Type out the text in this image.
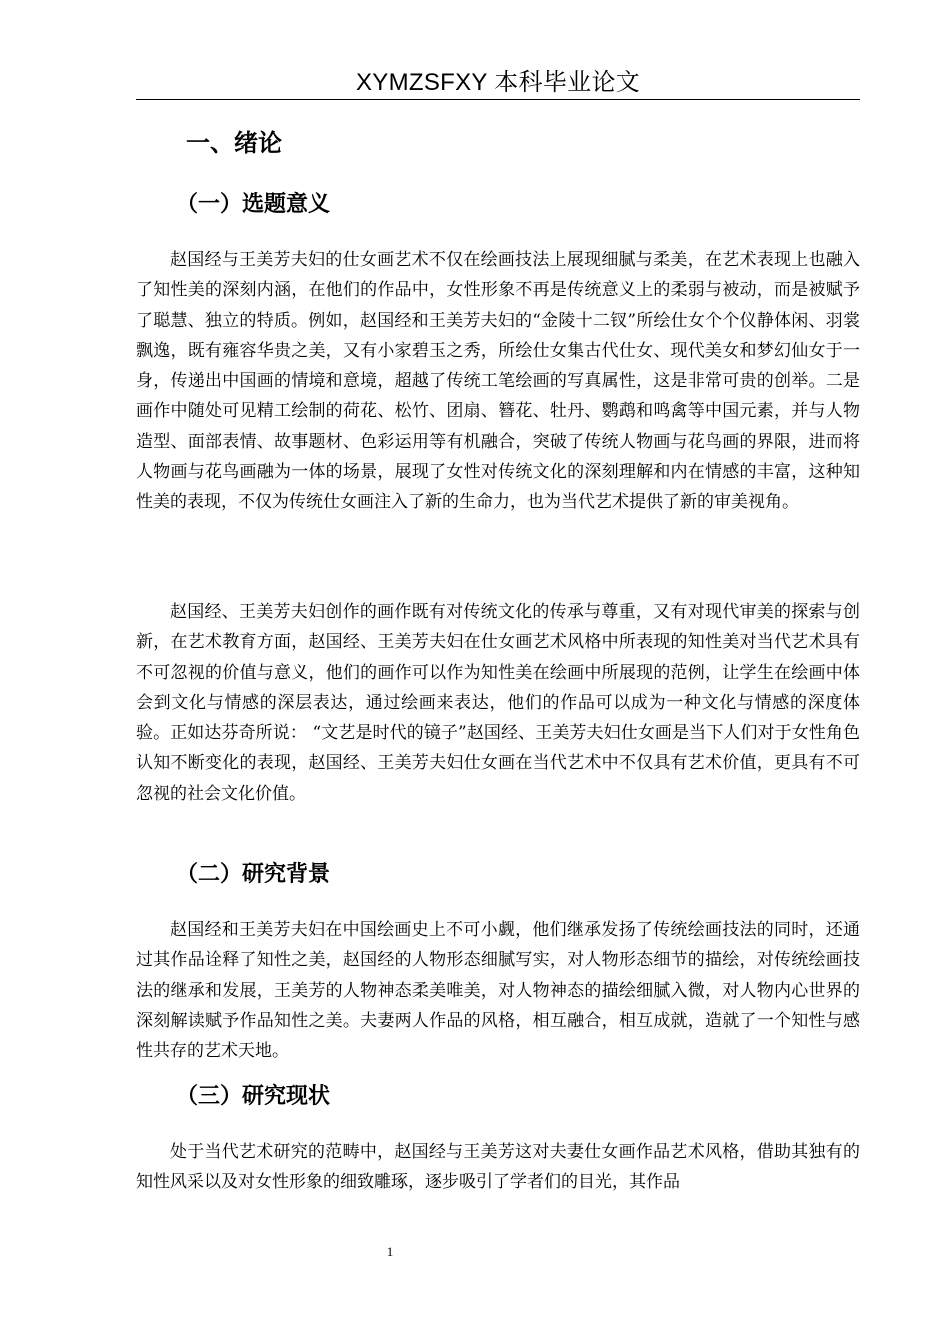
XYMZSFXY 本科毕业论文
一、绪论
（一）选题意义

赵国经与王美芳夫妇的仕女画艺术不仅在绘画技法上展现细腻与柔美，在艺术表现上也融入了知性美的深刻内涵，在他们的作品中，女性形象不再是传统意义上的柔弱与被动，而是被赋予了聪慧、独立的特质。例如，赵国经和王美芳夫妇的“金陵十二钗”所绘仕女个个仪静体闲、羽裳飘逸，既有雍容华贵之美，又有小家碧玉之秀，所绘仕女集古代仕女、现代美女和梦幻仙女于一身，传递出中国画的情境和意境，超越了传统工笔绘画的写真属性，这是非常可贵的创举。二是画作中随处可见精工绘制的荷花、松竹、团扇、簪花、牡丹、鹦鹉和鸣禽等中国元素，并与人物造型、面部表情、故事题材、色彩运用等有机融合，突破了传统人物画与花鸟画的界限，进而将人物画与花鸟画融为一体的场景，展现了女性对传统文化的深刻理解和内在情感的丰富，这种知性美的表现，不仅为传统仕女画注入了新的生命力，也为当代艺术提供了新的审美视角。

赵国经、王美芳夫妇创作的画作既有对传统文化的传承与尊重，又有对现代审美的探索与创新，在艺术教育方面，赵国经、王美芳夫妇在仕女画艺术风格中所表现的知性美对当代艺术具有不可忽视的价值与意义，他们的画作可以作为知性美在绘画中所展现的范例，让学生在绘画中体会到文化与情感的深层表达，通过绘画来表达，他们的作品可以成为一种文化与情感的深度体验。正如达芬奇所说： “文艺是时代的镜子”赵国经、王美芳夫妇仕女画是当下人们对于女性角色认知不断变化的表现，赵国经、王美芳夫妇仕女画在当代艺术中不仅具有艺术价值，更具有不可忽视的社会文化价值。

（二）研究背景

赵国经和王美芳夫妇在中国绘画史上不可小觑，他们继承发扬了传统绘画技法的同时，还通过其作品诠释了知性之美，赵国经的人物形态细腻写实，对人物形态细节的描绘，对传统绘画技法的继承和发展，王美芳的人物神态柔美唯美，对人物神态的描绘细腻入微，对人物内心世界的深刻解读赋予作品知性之美。夫妻两人作品的风格，相互融合，相互成就，造就了一个知性与感性共存的艺术天地。

（三）研究现状

处于当代艺术研究的范畴中，赵国经与王美芳这对夫妻仕女画作品艺术风格，借助其独有的知性风采以及对女性形象的细致雕琢，逐步吸引了学者们的目光，其作品

1
